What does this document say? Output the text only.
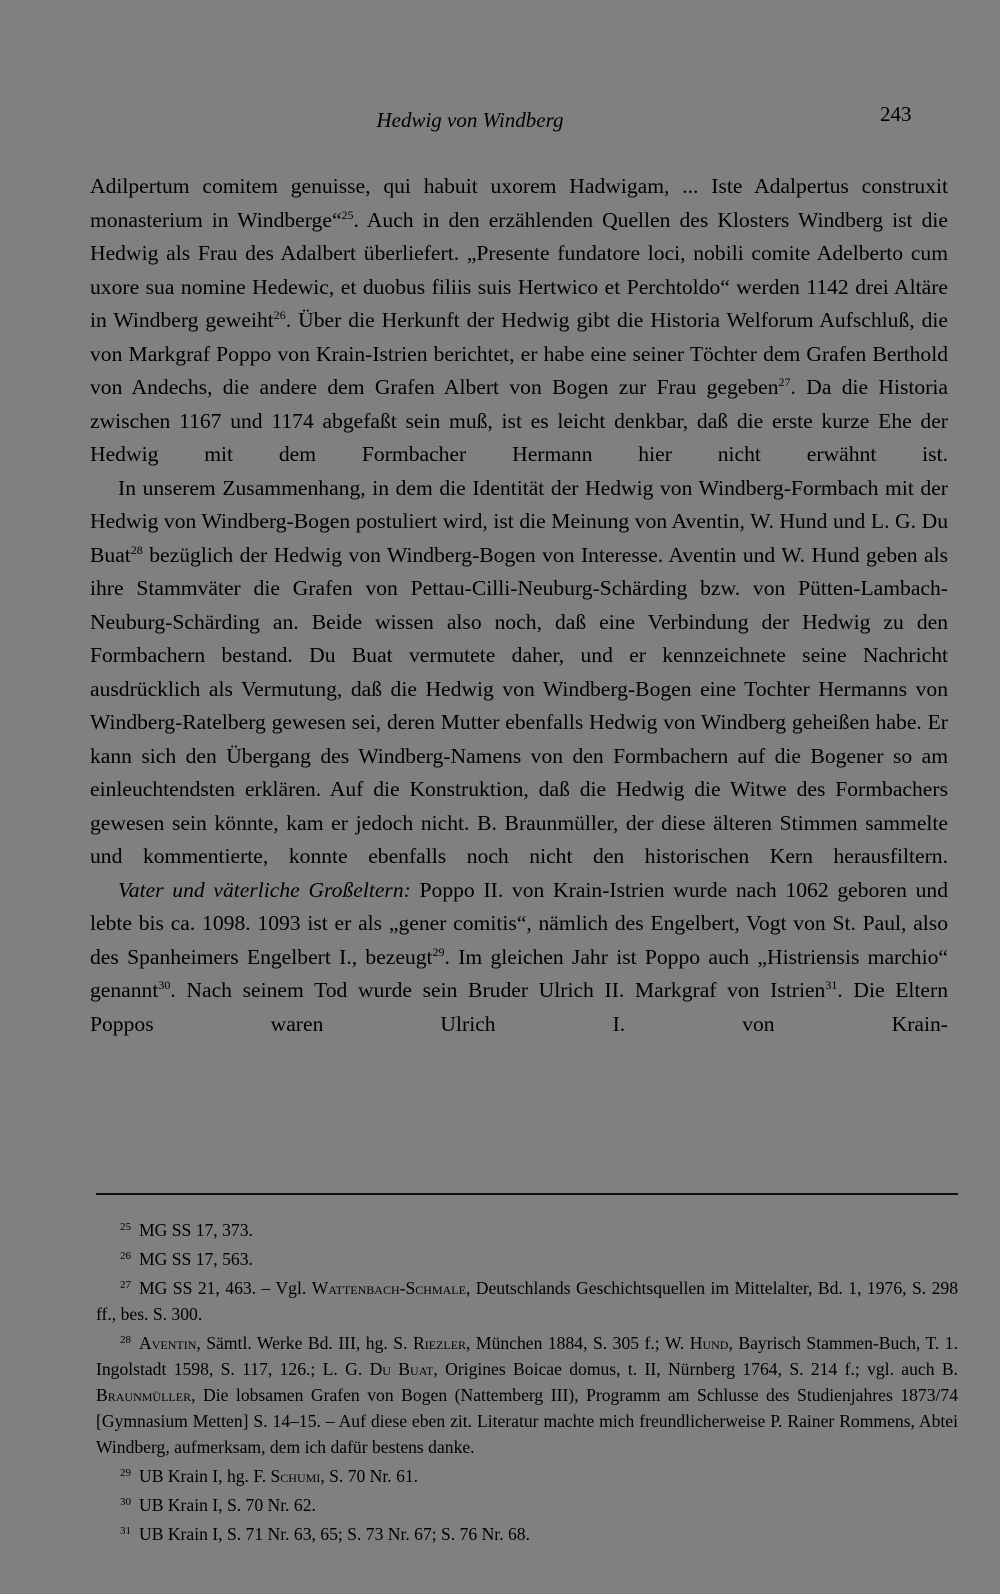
Hedwig von Windberg	243

Adilpertum comitem genuisse, qui habuit uxorem Hadwigam, ... Iste Adalpertus construxit monasterium in Windberge“$^{25}$. Auch in den erzählenden Quellen des Klosters Windberg ist die Hedwig als Frau des Adalbert überliefert. „Presente fundatore loci, nobili comite Adelberto cum uxore sua nomine Hedewic, et duobus filiis suis Hertwico et Perchtoldo“ werden 1142 drei Altäre in Windberg geweiht$^{26}$. Über die Herkunft der Hedwig gibt die Historia Welforum Aufschluß, die von Markgraf Poppo von Krain-Istrien berichtet, er habe eine seiner Töchter dem Grafen Berthold von Andechs, die andere dem Grafen Albert von Bogen zur Frau gegeben$^{27}$. Da die Historia zwischen 1167 und 1174 abgefaßt sein muß, ist es leicht denkbar, daß die erste kurze Ehe der Hedwig mit dem Formbacher Hermann hier nicht erwähnt ist.

In unserem Zusammenhang, in dem die Identität der Hedwig von Windberg-Formbach mit der Hedwig von Windberg-Bogen postuliert wird, ist die Meinung von Aventin, W. Hund und L. G. Du Buat$^{28}$ bezüglich der Hedwig von Windberg-Bogen von Interesse. Aventin und W. Hund geben als ihre Stammväter die Grafen von Pettau-Cilli-Neuburg-Schärding bzw. von Pütten-Lambach-Neuburg-Schärding an. Beide wissen also noch, daß eine Verbindung der Hedwig zu den Formbachern bestand. Du Buat vermutete daher, und er kennzeichnete seine Nachricht ausdrücklich als Vermutung, daß die Hedwig von Windberg-Bogen eine Tochter Hermanns von Windberg-Ratelberg gewesen sei, deren Mutter ebenfalls Hedwig von Windberg geheißen habe. Er kann sich den Übergang des Windberg-Namens von den Formbachern auf die Bogener so am einleuchtendsten erklären. Auf die Konstruktion, daß die Hedwig die Witwe des Formbachers gewesen sein könnte, kam er jedoch nicht. B. Braunmüller, der diese älteren Stimmen sammelte und kommentierte, konnte ebenfalls noch nicht den historischen Kern herausfiltern.

Vater und väterliche Großeltern: Poppo II. von Krain-Istrien wurde nach 1062 geboren und lebte bis ca. 1098. 1093 ist er als „gener comitis“, nämlich des Engelbert, Vogt von St. Paul, also des Spanheimers Engelbert I., bezeugt$^{29}$. Im gleichen Jahr ist Poppo auch „Histriensis marchio“ genannt$^{30}$. Nach seinem Tod wurde sein Bruder Ulrich II. Markgraf von Istrien$^{31}$. Die Eltern Poppos waren Ulrich I. von Krain-

$^{25}$ MG SS 17, 373.

$^{26}$ MG SS 17, 563.

$^{27}$ MG SS 21, 463. – Vgl. Wattenbach-Schmale, Deutschlands Geschichtsquellen im Mittelalter, Bd. 1, 1976, S. 298 ff., bes. S. 300.

$^{28}$ Aventin, Sämtl. Werke Bd. III, hg. S. Riezler, München 1884, S. 305 f.; W. Hund, Bayrisch Stammen-Buch, T. 1. Ingolstadt 1598, S. 117, 126.; L. G. Du Buat, Origines Boicae domus, t. II, Nürnberg 1764, S. 214 f.; vgl. auch B. Braunmüller, Die lobsamen Grafen von Bogen (Nattemberg III), Programm am Schlusse des Studienjahres 1873/74 [Gymnasium Metten] S. 14–15. – Auf diese eben zit. Literatur machte mich freundlicherweise P. Rainer Rommens, Abtei Windberg, aufmerksam, dem ich dafür bestens danke.

$^{29}$ UB Krain I, hg. F. Schumi, S. 70 Nr. 61.

$^{30}$ UB Krain I, S. 70 Nr. 62.

$^{31}$ UB Krain I, S. 71 Nr. 63, 65; S. 73 Nr. 67; S. 76 Nr. 68.
